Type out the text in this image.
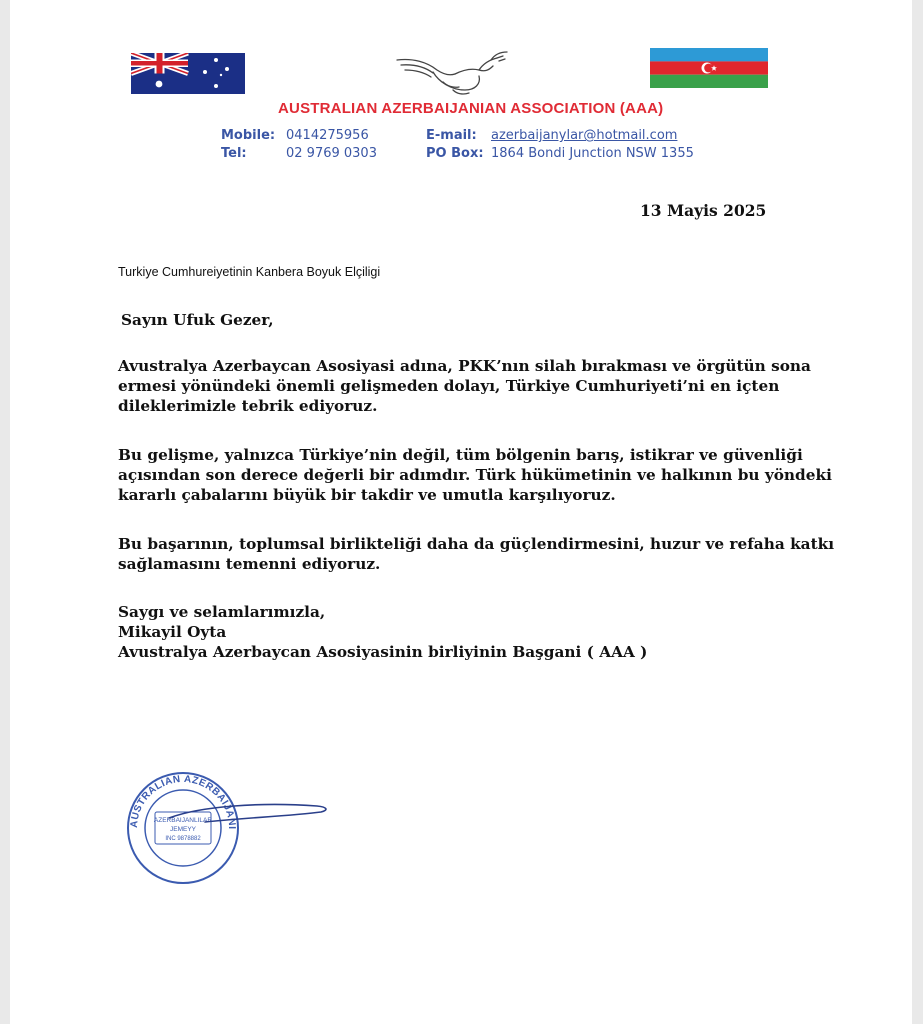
AUSTRALIAN AZERBAIJANIAN ASSOCIATION (AAA)
Mobile: 0414275956
Tel:	02 9769 0303
E-mail: azerbaijanylar@hotmail.com
PO Box: 1864 Bondi Junction NSW 1355
13 Mayis 2025
Turkiye Cumhureiyetinin Kanbera Boyuk Elçiligi
Sayın Ufuk Gezer,
Avustralya Azerbaycan Asosiyasi adına, PKK’nın silah bırakması ve örgütün sona
ermesi yönündeki önemli gelişmeden dolayı, Türkiye Cumhuriyeti’ni en içten
dileklerimizle tebrik ediyoruz.
Bu gelişme, yalnızca Türkiye’nin değil, tüm bölgenin barış, istikrar ve güvenliği
açısından son derece değerli bir adımdır. Türk hükümetinin ve halkının bu yöndeki
kararlı çabalarını büyük bir takdir ve umutla karşılıyoruz.
Bu başarının, toplumsal birlikteliği daha da güçlendirmesini, huzur ve refaha katkı
sağlamasını temenni ediyoruz.
Saygı ve selamlarımızla,
Mikayil Oyta
Avustralya Azerbaycan Asosiyasinin birliyinin Başgani ( AAA )
AUSTRALIAN AZERBAIJANIAN ASSOCIATION
AZERBAIJANLILAR
JEMEYY
INC 9878882
